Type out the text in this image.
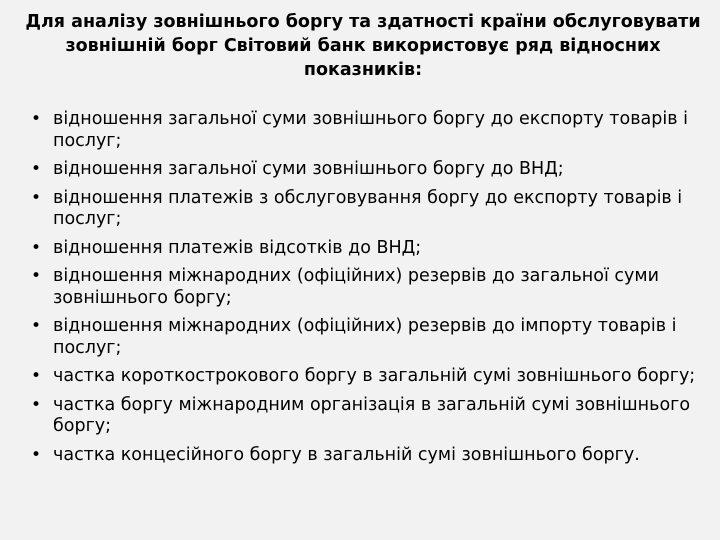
Для аналізу зовнішнього боргу та здатності країни обслуговувати зовнішній борг Світовий банк використовує ряд відносних показників:
• відношення загальної суми зовнішнього боргу до експорту товарів і послуг;
• відношення загальної суми зовнішнього боргу до ВНД;
• відношення платежів з обслуговування боргу до експорту товарів і послуг;
• відношення платежів відсотків до ВНД;
• відношення міжнародних (офіційних) резервів до загальної суми зовнішнього боргу;
• відношення міжнародних (офіційних) резервів до імпорту товарів і послуг;
• частка короткострокового боргу в загальній сумі зовнішнього боргу;
• частка боргу міжнародним організація в загальній сумі зовнішнього боргу;
• частка концесійного боргу в загальній сумі зовнішнього боргу.
